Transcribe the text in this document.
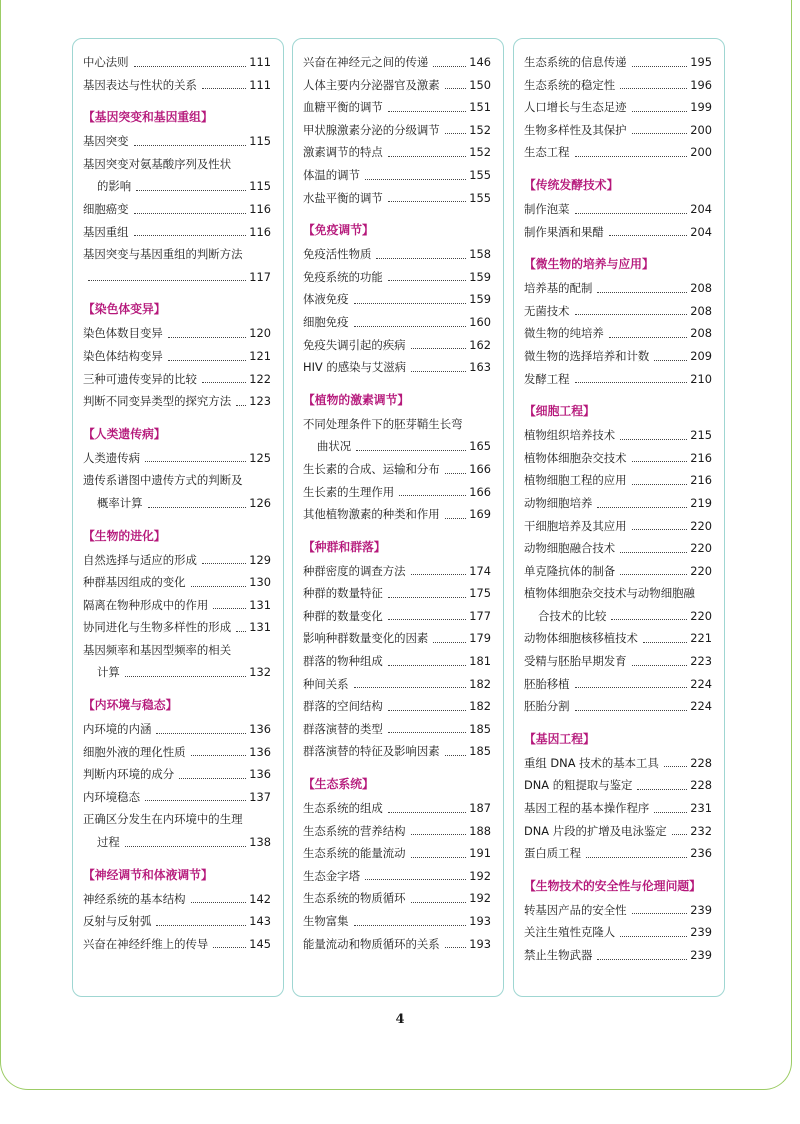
中心法则	111
基因表达与性状的关系	111
【基因突变和基因重组】
基因突变	115
基因突变对氨基酸序列及性状
的影响	115
细胞癌变	116
基因重组	116
基因突变与基因重组的判断方法
117
【染色体变异】
染色体数目变异	120
染色体结构变异	121
三种可遗传变异的比较	122
判断不同变异类型的探究方法 123
【人类遗传病】
人类遗传病	125
遗传系谱图中遗传方式的判断及
概率计算	126
【生物的进化】
自然选择与适应的形成	129
种群基因组成的变化	130
隔离在物种形成中的作用	131
协同进化与生物多样性的形成 131
基因频率和基因型频率的相关
计算	132
【内环境与稳态】
内环境的内涵	136
细胞外液的理化性质	136
判断内环境的成分	136
内环境稳态	137
正确区分发生在内环境中的生理
过程	138
【神经调节和体液调节】
神经系统的基本结构	142
反射与反射弧	143
兴奋在神经纤维上的传导	145
兴奋在神经元之间的传递	146
人体主要内分泌器官及激素	150
血糖平衡的调节	151
甲状腺激素分泌的分级调节	152
激素调节的特点	152
体温的调节	155
水盐平衡的调节	155
【免疫调节】
免疫活性物质	158
免疫系统的功能	159
体液免疫	159
细胞免疫	160
免疫失调引起的疾病	162
HIV 的感染与艾滋病	163
【植物的激素调节】
不同处理条件下的胚芽鞘生长弯
曲状况	165
生长素的合成、运输和分布	166
生长素的生理作用	166
其他植物激素的种类和作用	169
【种群和群落】
种群密度的调查方法	174
种群的数量特征	175
种群的数量变化	177
影响种群数量变化的因素	179
群落的物种组成	181
种间关系	182
群落的空间结构	182
群落演替的类型	185
群落演替的特征及影响因素	185
【生态系统】
生态系统的组成	187
生态系统的营养结构	188
生态系统的能量流动	191
生态金字塔	192
生态系统的物质循环	192
生物富集	193
能量流动和物质循环的关系	193
生态系统的信息传递	195
生态系统的稳定性	196
人口增长与生态足迹	199
生物多样性及其保护	200
生态工程	200
【传统发酵技术】
制作泡菜	204
制作果酒和果醋	204
【微生物的培养与应用】
培养基的配制	208
无菌技术	208
微生物的纯培养	208
微生物的选择培养和计数	209
发酵工程	210
【细胞工程】
植物组织培养技术	215
植物体细胞杂交技术	216
植物细胞工程的应用	216
动物细胞培养	219
干细胞培养及其应用	220
动物细胞融合技术	220
单克隆抗体的制备	220
植物体细胞杂交技术与动物细胞融
合技术的比较	220
动物体细胞核移植技术	221
受精与胚胎早期发育	223
胚胎移植	224
胚胎分割	224
【基因工程】
重组 DNA 技术的基本工具	228
DNA 的粗提取与鉴定	228
基因工程的基本操作程序	231
DNA 片段的扩增及电泳鉴定 232
蛋白质工程	236
【生物技术的安全性与伦理问题】
转基因产品的安全性	239
关注生殖性克隆人	239
禁止生物武器	239
4
